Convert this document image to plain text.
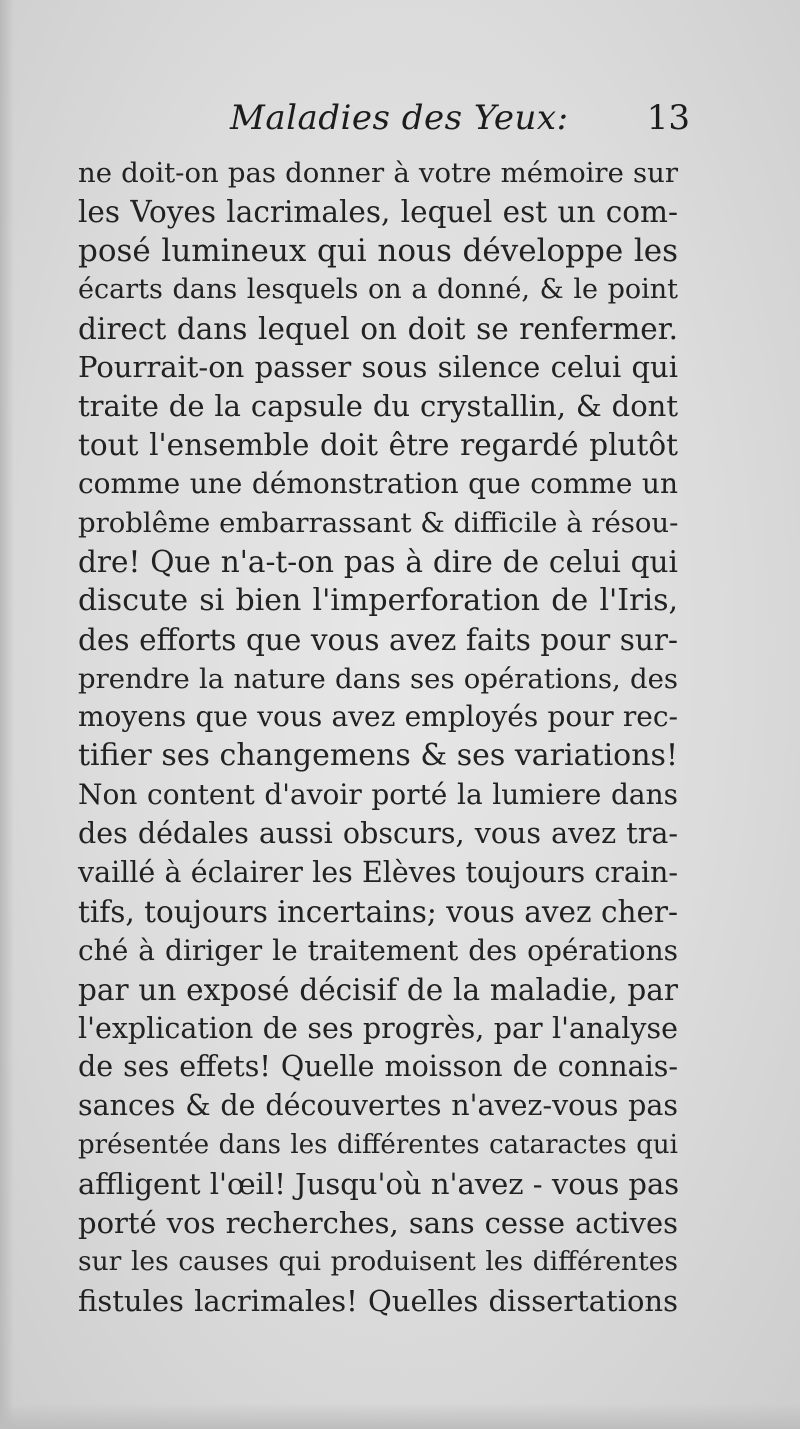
Maladies des Yeux: 13
ne doit-on pas donner à votre mémoire sur
les Voyes lacrimales, lequel est un com-
posé lumineux qui nous développe les
écarts dans lesquels on a donné, & le point
direct dans lequel on doit se renfermer.
Pourrait-on passer sous silence celui qui
traite de la capsule du crystallin, & dont
tout l'ensemble doit être regardé plutôt
comme une démonstration que comme un
problême embarrassant & difficile à résou-
dre! Que n'a-t-on pas à dire de celui qui
discute si bien l'imperforation de l'Iris,
des efforts que vous avez faits pour sur-
prendre la nature dans ses opérations, des
moyens que vous avez employés pour rec-
tifier ses changemens & ses variations!
Non content d'avoir porté la lumiere dans
des dédales aussi obscurs, vous avez tra-
vaillé à éclairer les Elèves toujours crain-
tifs, toujours incertains; vous avez cher-
ché à diriger le traitement des opérations
par un exposé décisif de la maladie, par
l'explication de ses progrès, par l'analyse
de ses effets! Quelle moisson de connais-
sances & de découvertes n'avez-vous pas
présentée dans les différentes cataractes qui
affligent l'œil! Jusqu'où n'avez - vous pas
porté vos recherches, sans cesse actives
sur les causes qui produisent les différentes
fistules lacrimales! Quelles dissertations
